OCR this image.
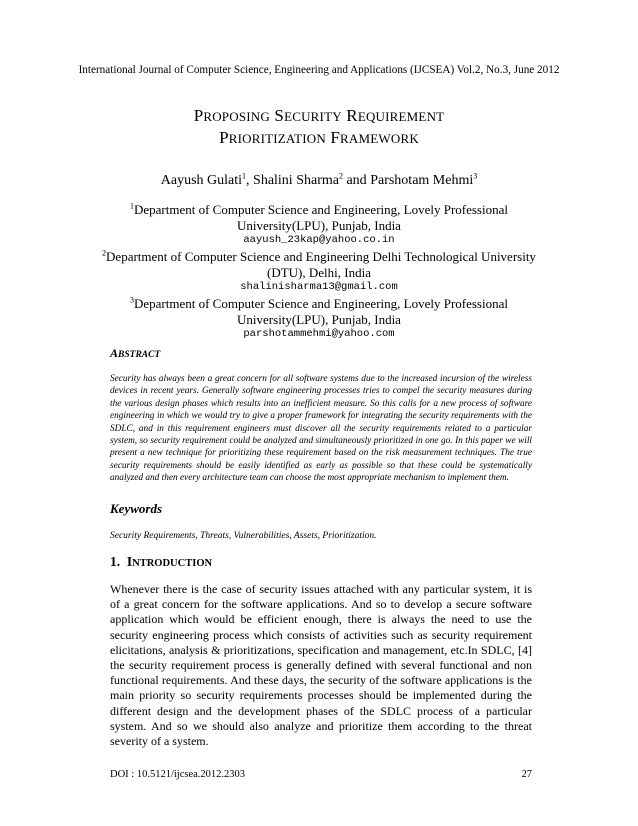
International Journal of Computer Science, Engineering and Applications (IJCSEA) Vol.2, No.3, June 2012
PROPOSING SECURITY REQUIREMENT
PRIORITIZATION FRAMEWORK
Aayush Gulati$^1$, Shalini Sharma$^2$ and Parshotam Mehmi$^3$
$^1$Department of Computer Science and Engineering, Lovely Professional
University(LPU), Punjab, India
aayush_23kap@yahoo.co.in
$^2$Department of Computer Science and Engineering Delhi Technological University
(DTU), Delhi, India
shalinisharma13@gmail.com
$^3$Department of Computer Science and Engineering, Lovely Professional
University(LPU), Punjab, India
parshotammehmi@yahoo.com
ABSTRACT
Security has always been a great concern for all software systems due to the increased incursion of the wireless devices in recent years. Generally software engineering processes tries to compel the security measures during the various design phases which results into an inefficient measure. So this calls for a new process of software engineering in which we would try to give a proper framework for integrating the security requirements with the SDLC, and in this requirement engineers must discover all the security requirements related to a particular system, so security requirement could be analyzed and simultaneously prioritized in one go. In this paper we will present a new technique for prioritizing these requirement based on the risk measurement techniques. The true security requirements should be easily identified as early as possible so that these could be systematically analyzed and then every architecture team can choose the most appropriate mechanism to implement them.
Keywords
Security Requirements, Threats, Vulnerabilities, Assets, Prioritization.
1. INTRODUCTION
Whenever there is the case of security issues attached with any particular system, it is of a great concern for the software applications. And so to develop a secure software application which would be efficient enough, there is always the need to use the security engineering process which consists of activities such as security requirement elicitations, analysis & prioritizations, specification and management, etc.In SDLC, [4] the security requirement process is generally defined with several functional and non functional requirements. And these days, the security of the software applications is the main priority so security requirements processes should be implemented during the different design and the development phases of the SDLC process of a particular system. And so we should also analyze and prioritize them according to the threat severity of a system.
DOI : 10.5121/ijcsea.2012.2303	27
